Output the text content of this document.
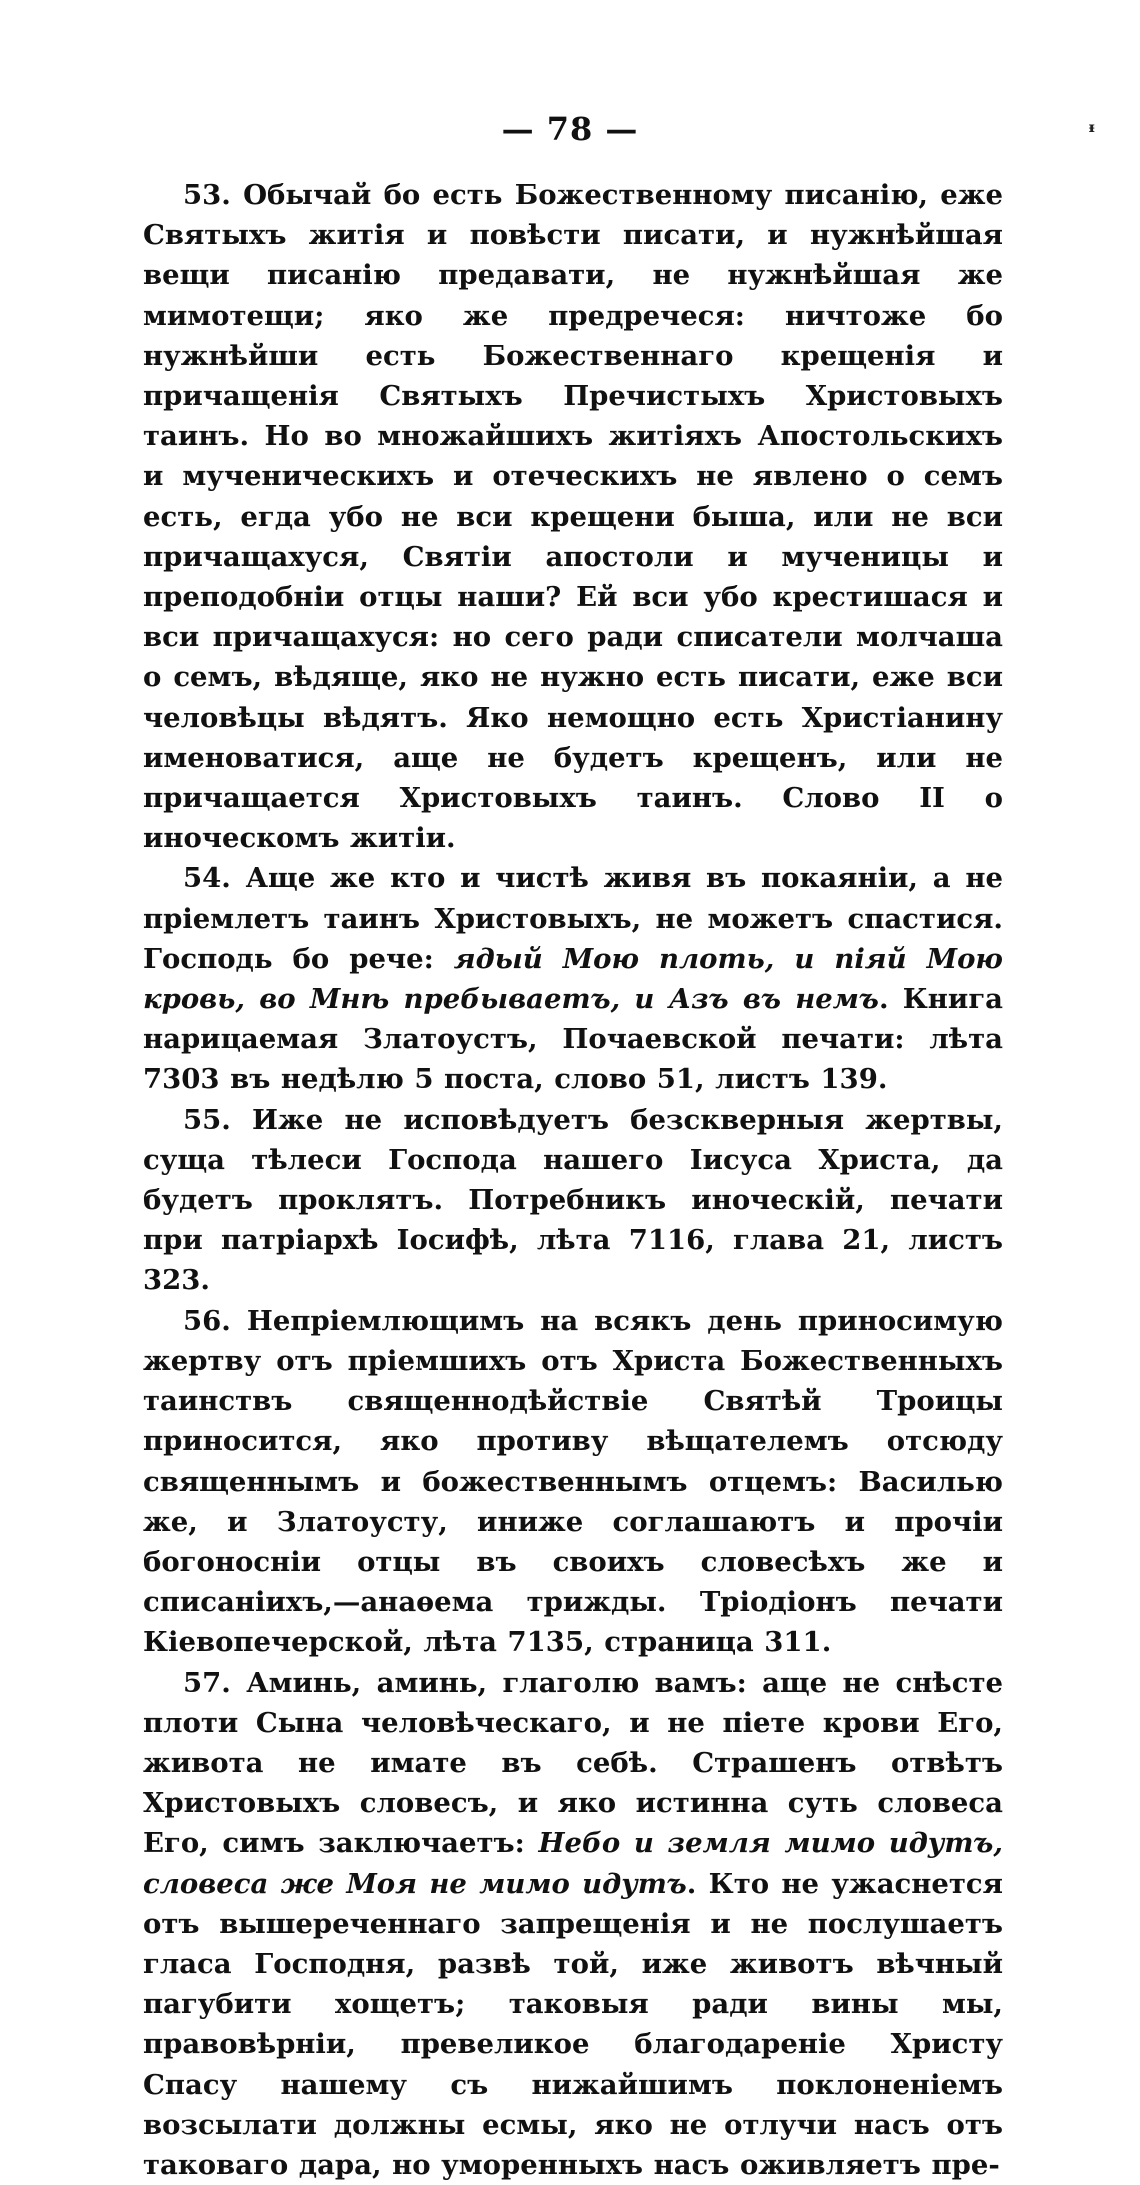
— 78 —	ᶧ

53. Обычай бо есть Божественному писанію, еже Святыхъ житія и повѣсти писати, и нужнѣйшая вещи писанію предавати, не нужнѣйшая же мимотещи; яко же предречеся: ничтоже бо нужнѣйши есть Божественнаго крещенія и причащенія Святыхъ Пречистыхъ Христовыхъ таинъ. Но во множайшихъ житіяхъ Апостольскихъ и мученическихъ и отеческихъ не явлено о семъ есть, егда убо не вси крещени быша, или не вси причащахуся, Святіи апостоли и мученицы и преподобніи отцы наши? Ей вси убо крестишася и вси причащахуся: но сего ради списатели молчаша о семъ, вѣдяще, яко не нужно есть писати, еже вси человѣцы вѣдятъ. Яко немощно есть Христіанину именоватися, аще не будетъ крещенъ, или не причащается Христовыхъ таинъ. Слово II о иноческомъ житіи.

54. Аще же кто и чистѣ живя въ покаяніи, а не пріемлетъ таинъ Христовыхъ, не можетъ спастися. Господь бо рече: ядый Мою плоть, и піяй Мою кровь, во Мнѣ пребываетъ, и Азъ въ немъ. Книга нарицаемая Златоустъ, Почаевской печати: лѣта 7303 въ недѣлю 5 поста, слово 51, листъ 139.

55. Иже не исповѣдуетъ безскверныя жертвы, суща тѣлеси Господа нашего Іисуса Христа, да будетъ проклятъ. Потребникъ иноческій, печати при патріархѣ Іосифѣ, лѣта 7116, глава 21, листъ 323.

56. Непріемлющимъ на всякъ день приносимую жертву отъ пріемшихъ отъ Христа Божественныхъ таинствъ священнодѣйствіе Святѣй Троицы приносится, яко противу вѣщателемъ отсюду священнымъ и божественнымъ отцемъ: Василью же, и Златоусту, иниже соглашаютъ и прочіи богоносніи отцы въ своихъ словесѣхъ же и списаніихъ,—анаѳема трижды. Тріодіонъ печати Кіевопечерской, лѣта 7135, страница 311.

57. Аминь, аминь, глаголю вамъ: аще не снѣсте плоти Сына человѣческаго, и не піете крови Его, живота не имате въ себѣ. Страшенъ отвѣтъ Христовыхъ словесъ, и яко истинна суть словеса Его, симъ заключаетъ: Небо и земля мимо идутъ, словеса же Моя не мимо идутъ. Кто не ужаснется отъ вышереченнаго запрещенія и не послушаетъ гласа Господня, развѣ той, иже животъ вѣчный пагубити хощетъ; таковыя ради вины мы, правовѣрніи, превеликое благодареніе Христу Спасу нашему съ нижайшимъ поклоненіемъ возсылати должны есмы, яко не отлучи насъ отъ таковаго дара, но уморенныхъ насъ оживляетъ пре-
